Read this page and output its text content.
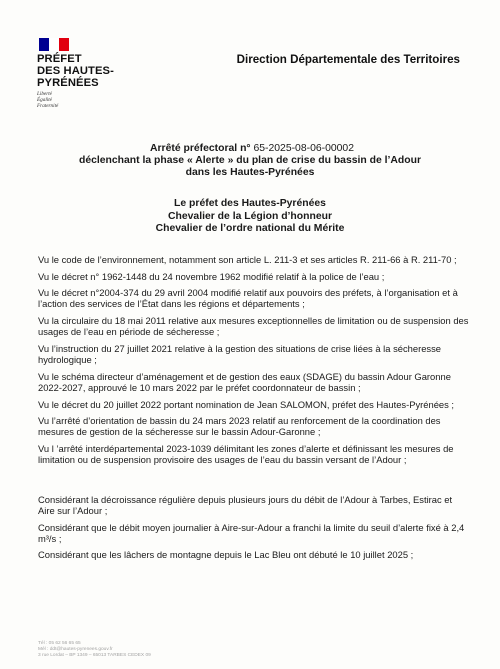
PRÉFET
DES HAUTES-
PYRÉNÉES
Liberté
Égalité
Fraternité
Direction Départementale des Territoires
Arrêté préfectoral n° 65-2025-08-06-00002
déclenchant la phase « Alerte » du plan de crise du bassin de l’Adour
dans les Hautes-Pyrénées
Le préfet des Hautes-Pyrénées
Chevalier de la Légion d’honneur
Chevalier de l’ordre national du Mérite

Vu le code de l’environnement, notamment son article L. 211-3 et ses articles R. 211-66 à R. 211-70 ;

Vu le décret n° 1962-1448 du 24 novembre 1962 modifié relatif à la police de l’eau ;

Vu le décret n°2004-374 du 29 avril 2004 modifié relatif aux pouvoirs des préfets, à l’organisation et à l’action des services de l’État dans les régions et départements ;

Vu la circulaire du 18 mai 2011 relative aux mesures exceptionnelles de limitation ou de suspension des usages de l’eau en période de sécheresse ;

Vu l’instruction du 27 juillet 2021 relative à la gestion des situations de crise liées à la sécheresse hydrologique ;

Vu le schéma directeur d’aménagement et de gestion des eaux (SDAGE) du bassin Adour Garonne 2022-2027, approuvé le 10 mars 2022 par le préfet coordonnateur de bassin ;

Vu le décret du 20 juillet 2022 portant nomination de Jean SALOMON, préfet des Hautes-Pyrénées ;

Vu l’arrêté d’orientation de bassin du 24 mars 2023 relatif au renforcement de la coordination des mesures de gestion de la sécheresse sur le bassin Adour-Garonne ;

Vu l ’arrêté interdépartemental 2023-1039 délimitant les zones d’alerte et définissant les mesures de limitation ou de suspension provisoire des usages de l’eau du bassin versant de l’Adour ;

Considérant la décroissance régulière depuis plusieurs jours du débit de l’Adour à Tarbes, Estirac et Aire sur l’Adour ;

Considérant que le débit moyen journalier à Aire-sur-Adour a franchi la limite du seuil d’alerte fixé à 2,4 m³/s ;

Considérant que les lâchers de montagne depuis le Lac Bleu ont débuté le 10 juillet 2025 ;

Tél : 05 62 56 65 65
Mél : ddt@hautes-pyrenees.gouv.fr
3 rue Lordat – BP 1349 – 65013 TARBES CEDEX 09
